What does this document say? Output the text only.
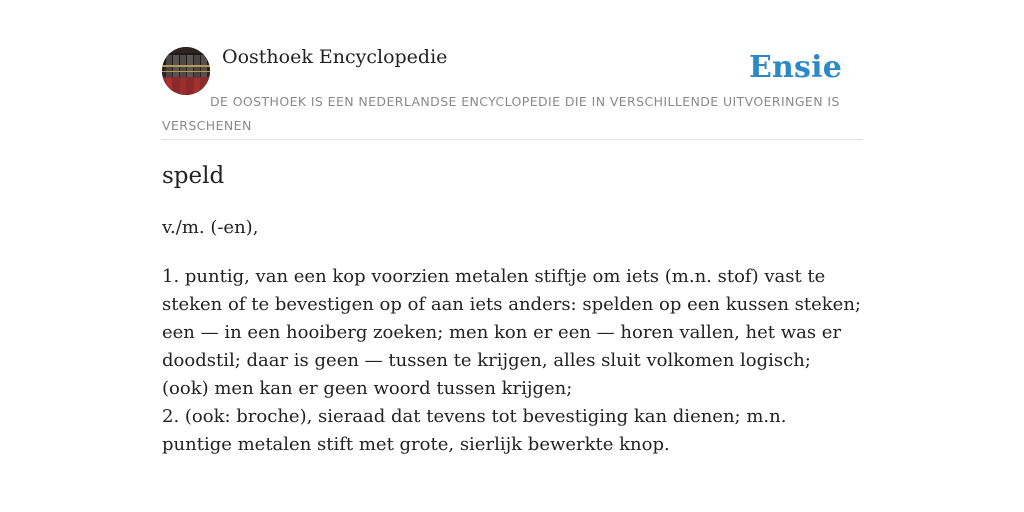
Oosthoek Encyclopedie	Ensie
DE OOSTHOEK IS EEN NEDERLANDSE ENCYCLOPEDIE DIE IN VERSCHILLENDE UITVOERINGEN IS VERSCHENEN
speld
v./m. (-en),

1. puntig, van een kop voorzien metalen stiftje om iets (m.n. stof) vast te steken of te bevestigen op of aan iets anders: spelden op een kussen steken; een — in een hooiberg zoeken; men kon er een — horen vallen, het was er doodstil; daar is geen — tussen te krijgen, alles sluit volkomen logisch; (ook) men kan er geen woord tussen krijgen;

2. (ook: broche), sieraad dat tevens tot bevestiging kan dienen; m.n. puntige metalen stift met grote, sierlijk bewerkte knop.
